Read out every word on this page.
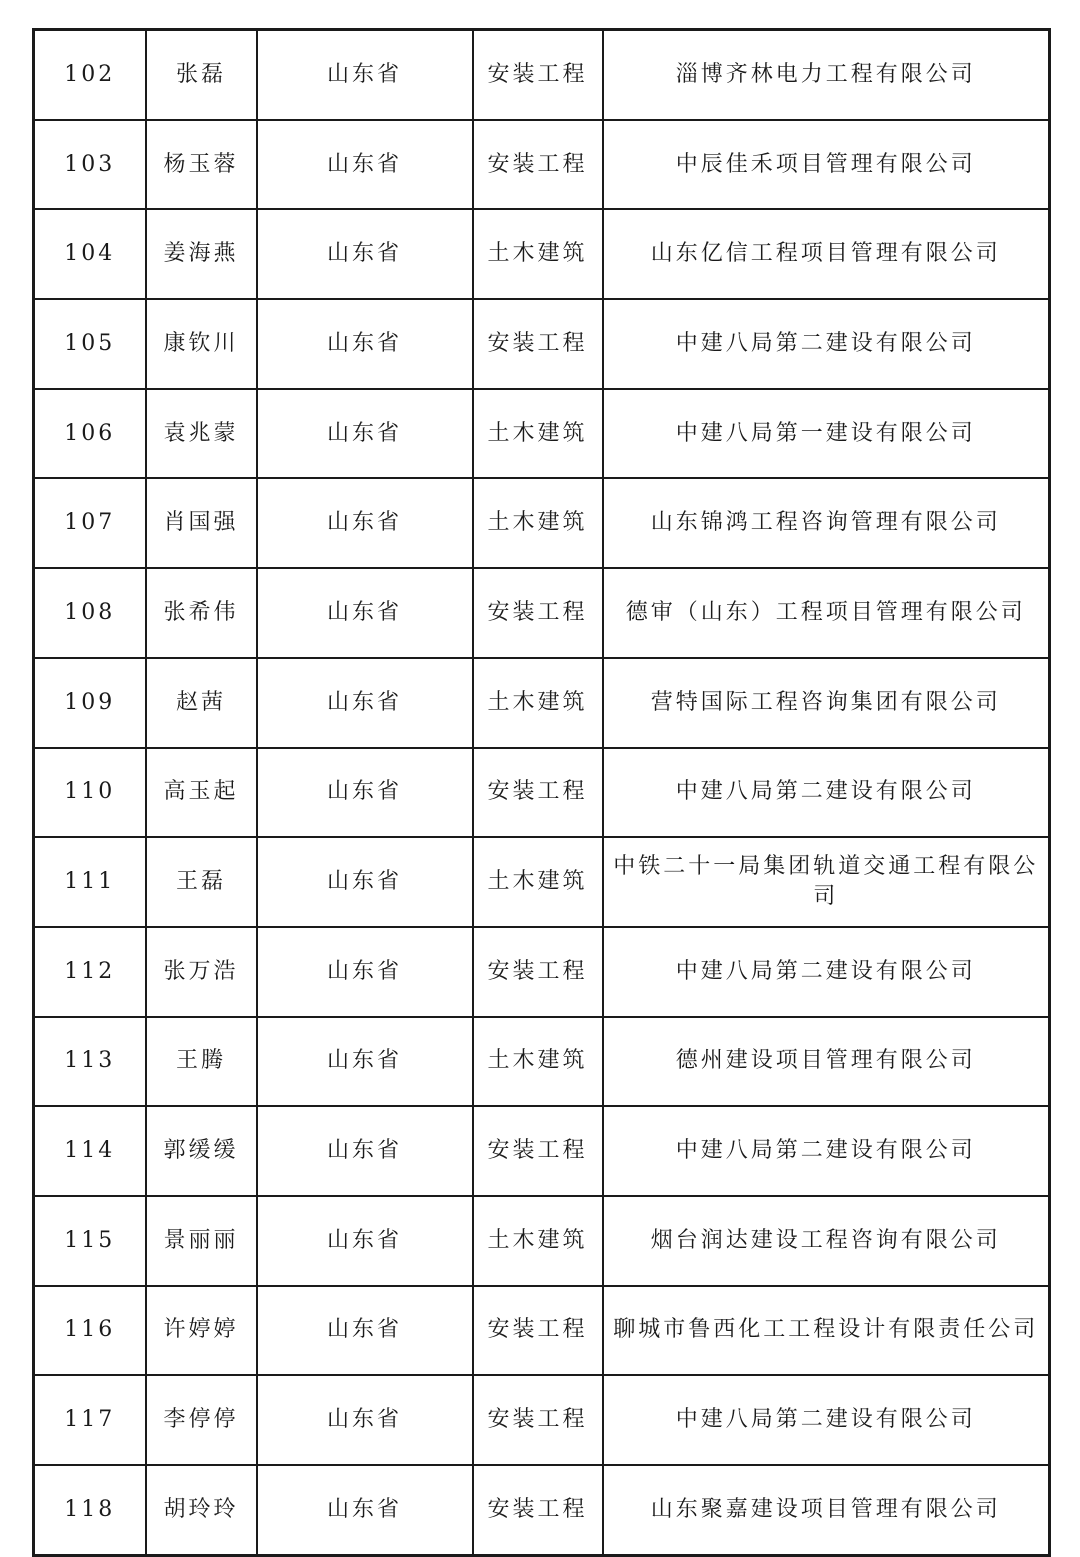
102	张磊	山东省	安装工程	淄博齐林电力工程有限公司
103	杨玉蓉	山东省	安装工程	中辰佳禾项目管理有限公司
104	姜海燕	山东省	土木建筑	山东亿信工程项目管理有限公司
105	康钦川	山东省	安装工程	中建八局第二建设有限公司
106	袁兆蒙	山东省	土木建筑	中建八局第一建设有限公司
107	肖国强	山东省	土木建筑	山东锦鸿工程咨询管理有限公司
108	张希伟	山东省	安装工程	德审（山东）工程项目管理有限公司
109	赵茜	山东省	土木建筑	营特国际工程咨询集团有限公司
110	高玉起	山东省	安装工程	中建八局第二建设有限公司
111	王磊	山东省	土木建筑	中铁二十一局集团轨道交通工程有限公司
112	张万浩	山东省	安装工程	中建八局第二建设有限公司
113	王腾	山东省	土木建筑	德州建设项目管理有限公司
114	郭缓缓	山东省	安装工程	中建八局第二建设有限公司
115	景丽丽	山东省	土木建筑	烟台润达建设工程咨询有限公司
116	许婷婷	山东省	安装工程	聊城市鲁西化工工程设计有限责任公司
117	李停停	山东省	安装工程	中建八局第二建设有限公司
118	胡玲玲	山东省	安装工程	山东聚嘉建设项目管理有限公司
